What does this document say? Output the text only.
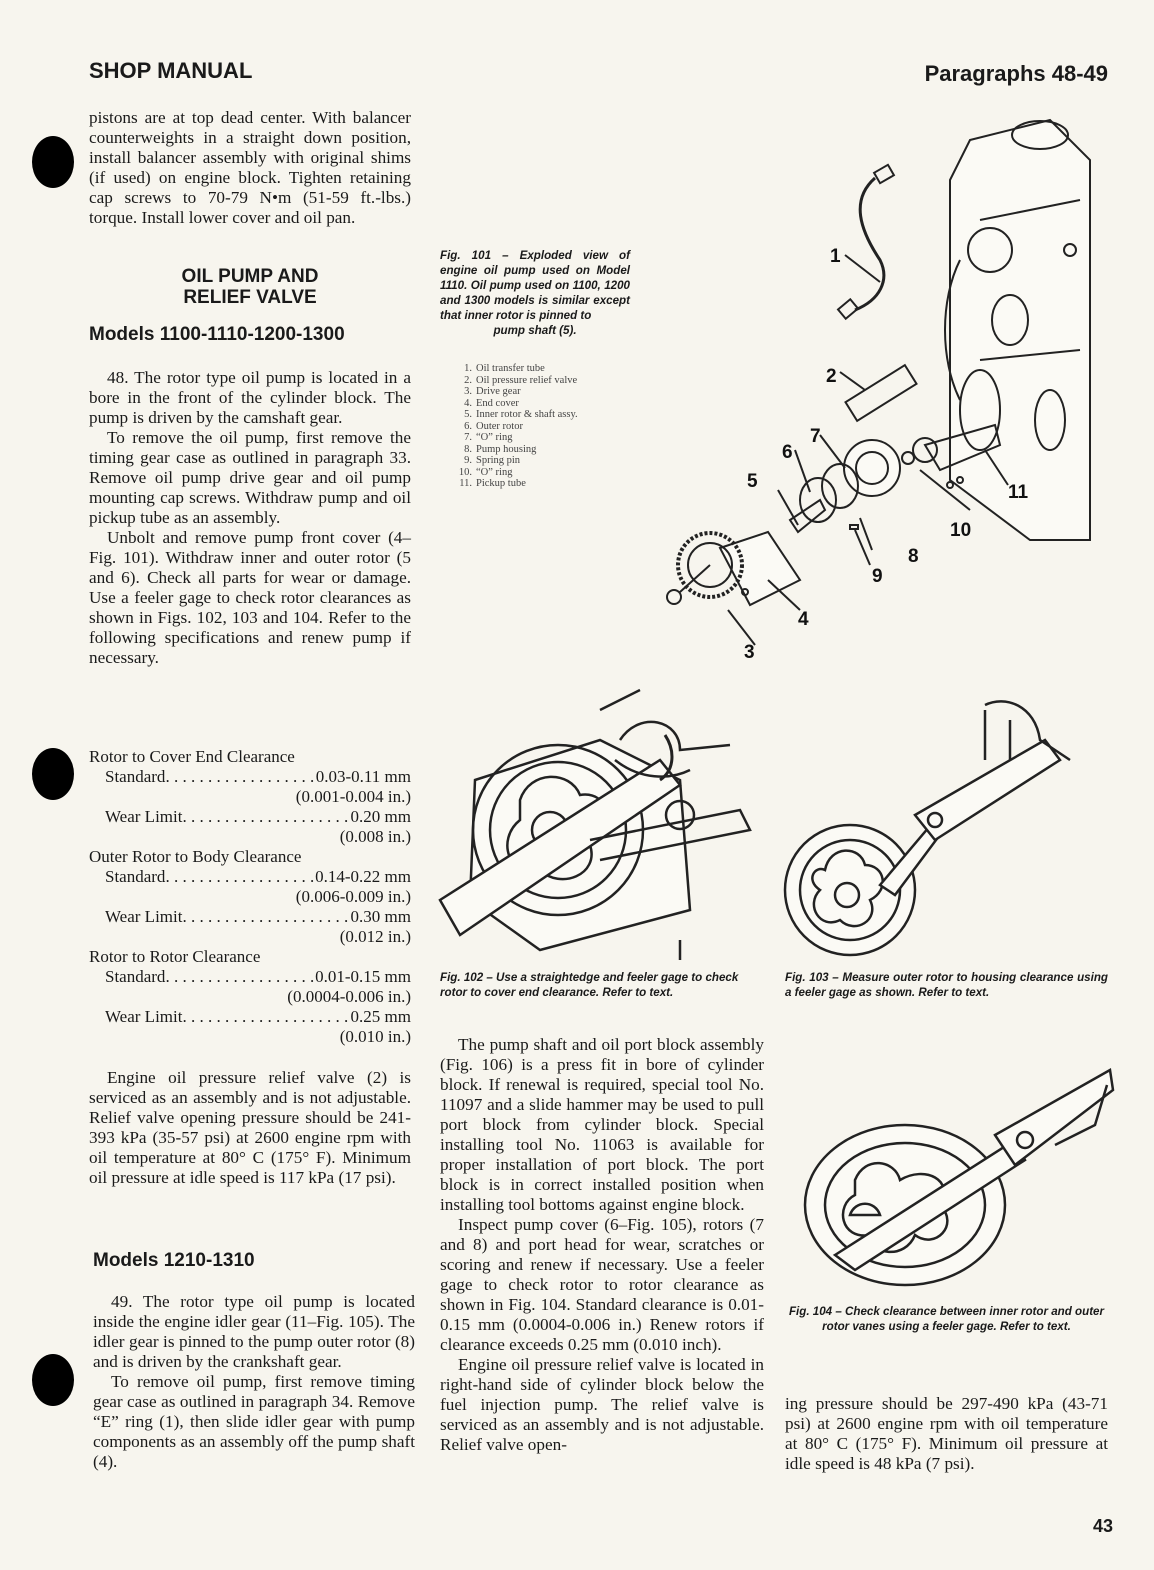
SHOP MANUAL	Paragraphs 48-49

pistons are at top dead center. With balancer counterweights in a straight down position, install balancer assembly with original shims (if used) on engine block. Tighten retaining cap screws to 70-79 N•m (51-59 ft.-lbs.) torque. Install lower cover and oil pan.

OIL PUMP AND
RELIEF VALVE
Models 1100-1110-1200-1300

48. The rotor type oil pump is located in a bore in the front of the cylinder block. The pump is driven by the camshaft gear.

To remove the oil pump, first remove the timing gear case as outlined in paragraph 33. Remove oil pump drive gear and oil pump mounting cap screws. Withdraw pump and oil pickup tube as an assembly.

Unbolt and remove pump front cover (4–Fig. 101). Withdraw inner and outer rotor (5 and 6). Check all parts for wear or damage. Use a feeler gage to check rotor clearances as shown in Figs. 102, 103 and 104. Refer to the following specifications and renew pump if necessary.

Rotor to Cover End Clearance
Standard . . .	0.03-0.11 mm
(0.001-0.004 in.)
Wear Limit . . .	0.20 mm
(0.008 in.)
Outer Rotor to Body Clearance
Standard . . .	0.14-0.22 mm
(0.006-0.009 in.)
Wear Limit . . .	0.30 mm
(0.012 in.)
Rotor to Rotor Clearance
Standard . . .	0.01-0.15 mm
(0.0004-0.006 in.)
Wear Limit . . .	0.25 mm
(0.010 in.)

Engine oil pressure relief valve (2) is serviced as an assembly and is not adjustable. Relief valve opening pressure should be 241-393 kPa (35-57 psi) at 2600 engine rpm with oil temperature at 80° C (175° F). Minimum oil pressure at idle speed is 117 kPa (17 psi).

Models 1210-1310

49. The rotor type oil pump is located inside the engine idler gear (11–Fig. 105). The idler gear is pinned to the pump outer rotor (8) and is driven by the crankshaft gear.

To remove oil pump, first remove timing gear case as outlined in paragraph 34. Remove “E” ring (1), then slide idler gear with pump components as an assembly off the pump shaft (4).

The pump shaft and oil port block assembly (Fig. 106) is a press fit in bore of cylinder block. If renewal is required, special tool No. 11097 and a slide hammer may be used to pull port block from cylinder block. Special installing tool No. 11063 is available for proper installation of port block. The port block is in correct installed position when installing tool bottoms against engine block.

Inspect pump cover (6–Fig. 105), rotors (7 and 8) and port head for wear, scratches or scoring and renew if necessary. Use a feeler gage to check rotor to rotor clearance as shown in Fig. 104. Standard clearance is 0.01-0.15 mm (0.0004-0.006 in.) Renew rotors if clearance exceeds 0.25 mm (0.010 inch).

Engine oil pressure relief valve is located in right-hand side of cylinder block below the fuel injection pump. The relief valve is serviced as an assembly and is not adjustable. Relief valve open-

ing pressure should be 297-490 kPa (43-71 psi) at 2600 engine rpm with oil temperature at 80° C (175° F). Minimum oil pressure at idle speed is 48 kPa (7 psi).

Fig. 101 – Exploded view of engine oil pump used on Model 1110. Oil pump used on 1100, 1200 and 1300 models is similar except that inner rotor is pinned to
pump shaft (5).
1. Oil transfer tube
2. Oil pressure relief valve
3. Drive gear
4. End cover
5. Inner rotor & shaft assy.
6. Outer rotor
7. “O” ring
8. Pump housing
9. Spring pin
10. “O” ring
11. Pickup tube
1
2
3
4
5
6
7
8
9
10
11
Fig. 102 – Use a straightedge and feeler gage to check rotor to cover end clearance. Refer to text.
Fig. 103 – Measure outer rotor to housing clearance using a feeler gage as shown. Refer to text.
Fig. 104 – Check clearance between inner rotor and outer rotor vanes using a feeler gage. Refer to text.
43
